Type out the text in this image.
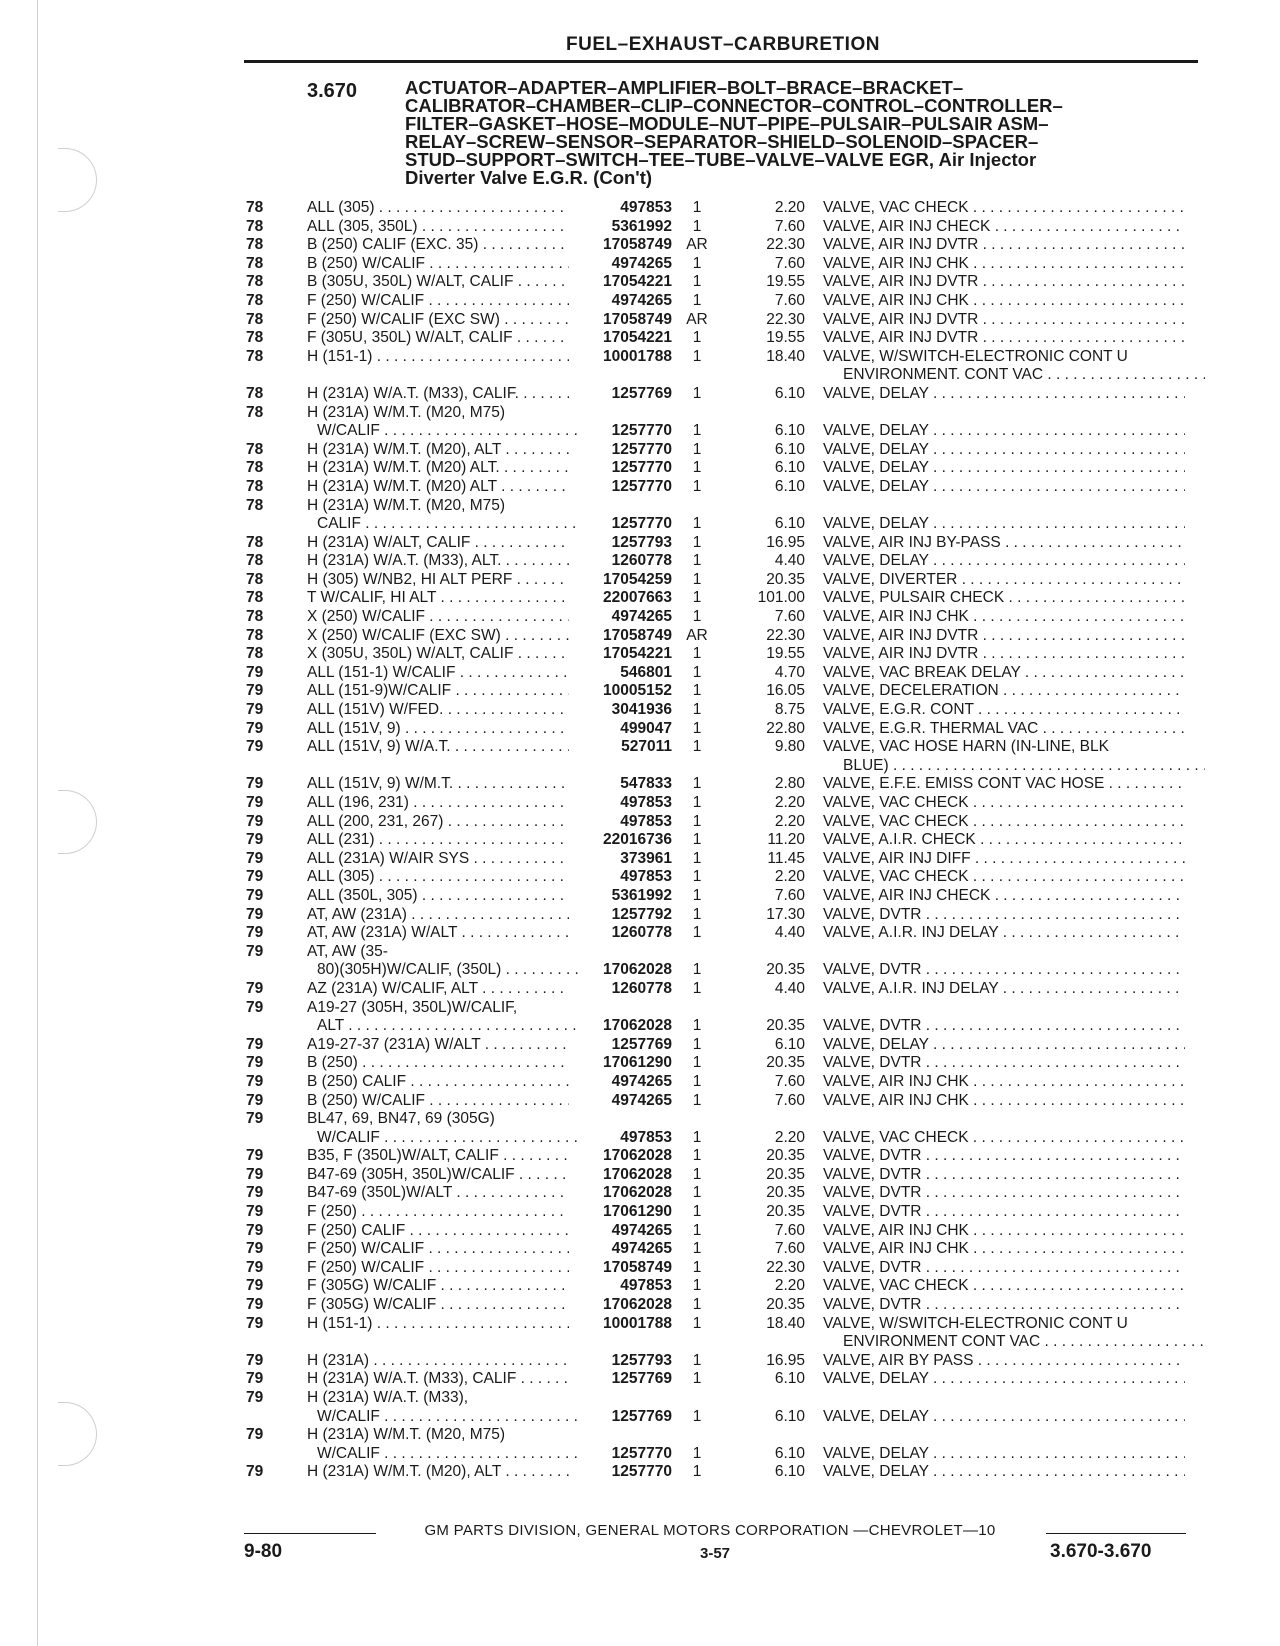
FUEL–EXHAUST–CARBURETION
3.670	ACTUATOR–ADAPTER–AMPLIFIER–BOLT–BRACE–BRACKET–
CALIBRATOR–CHAMBER–CLIP–CONNECTOR–CONTROL–CONTROLLER–
FILTER–GASKET–HOSE–MODULE–NUT–PIPE–PULSAIR–PULSAIR ASM–
RELAY–SCREW–SENSOR–SEPARATOR–SHIELD–SOLENOID–SPACER–
STUD–SUPPORT–SWITCH–TEE–TUBE–VALVE–VALVE EGR, Air Injector
Diverter Valve E.G.R. (Con't)
78	ALL (305) . . .	497853	1	2.20 VALVE, VAC CHECK . . .
78	ALL (305, 350L) . . .	5361992	1	7.60 VALVE, AIR INJ CHECK . . .
78	B (250) CALIF (EXC. 35) . . .	17058749 AR	22.30 VALVE, AIR INJ DVTR . . .
78	B (250) W/CALIF . . .	4974265	1	7.60 VALVE, AIR INJ CHK . . .
78	B (305U, 350L) W/ALT, CALIF . . .	17054221	1	19.55 VALVE, AIR INJ DVTR . . .
78	F (250) W/CALIF . . .	4974265	1	7.60 VALVE, AIR INJ CHK . . .
78	F (250) W/CALIF (EXC SW) . . .	17058749 AR	22.30 VALVE, AIR INJ DVTR . . .
78	F (305U, 350L) W/ALT, CALIF . . .	17054221	1	19.55 VALVE, AIR INJ DVTR . . .
78	H (151-1) . . .	10001788	1	18.40 VALVE, W/SWITCH-ELECTRONIC CONT U
ENVIRONMENT. CONT VAC . . .
78	H (231A) W/A.T. (M33), CALIF. . . .	1257769	1	6.10 VALVE, DELAY . . .
78	H (231A) W/M.T. (M20, M75)
W/CALIF . . .	1257770	1	6.10 VALVE, DELAY . . .
78	H (231A) W/M.T. (M20), ALT . . .	1257770	1	6.10 VALVE, DELAY . . .
78	H (231A) W/M.T. (M20) ALT. . . .	1257770	1	6.10 VALVE, DELAY . . .
78	H (231A) W/M.T. (M20) ALT . . .	1257770	1	6.10 VALVE, DELAY . . .
78	H (231A) W/M.T. (M20, M75)
CALIF . . .	1257770	1	6.10 VALVE, DELAY . . .
78	H (231A) W/ALT, CALIF . . .	1257793	1	16.95 VALVE, AIR INJ BY-PASS . . .
78	H (231A) W/A.T. (M33), ALT. . . .	1260778	1	4.40 VALVE, DELAY . . .
78	H (305) W/NB2, HI ALT PERF . . .	17054259	1	20.35 VALVE, DIVERTER . . .
78	T W/CALIF, HI ALT . . .	22007663	1	101.00 VALVE, PULSAIR CHECK . . .
78	X (250) W/CALIF . . .	4974265	1	7.60 VALVE, AIR INJ CHK . . .
78	X (250) W/CALIF (EXC SW) . . .	17058749 AR	22.30 VALVE, AIR INJ DVTR . . .
78	X (305U, 350L) W/ALT, CALIF . . .	17054221	1	19.55 VALVE, AIR INJ DVTR . . .
79	ALL (151-1) W/CALIF . . .	546801	1	4.70 VALVE, VAC BREAK DELAY . . .
79	ALL (151-9)W/CALIF . . .	10005152	1	16.05 VALVE, DECELERATION . . .
79	ALL (151V) W/FED. . . .	3041936	1	8.75 VALVE, E.G.R. CONT . . .
79	ALL (151V, 9) . . .	499047	1	22.80 VALVE, E.G.R. THERMAL VAC . . .
79	ALL (151V, 9) W/A.T. . . .	527011	1	9.80 VALVE, VAC HOSE HARN (IN-LINE, BLK
BLUE) . . .
79	ALL (151V, 9) W/M.T. . . .	547833	1	2.80 VALVE, E.F.E. EMISS CONT VAC HOSE . . .
79	ALL (196, 231) . . .	497853	1	2.20 VALVE, VAC CHECK . . .
79	ALL (200, 231, 267) . . .	497853	1	2.20 VALVE, VAC CHECK . . .
79	ALL (231) . . .	22016736	1	11.20 VALVE, A.I.R. CHECK . . .
79	ALL (231A) W/AIR SYS . . .	373961	1	11.45 VALVE, AIR INJ DIFF . . .
79	ALL (305) . . .	497853	1	2.20 VALVE, VAC CHECK . . .
79	ALL (350L, 305) . . .	5361992	1	7.60 VALVE, AIR INJ CHECK . . .
79	AT, AW (231A) . . .	1257792	1	17.30 VALVE, DVTR . . .
79	AT, AW (231A) W/ALT . . .	1260778	1	4.40 VALVE, A.I.R. INJ DELAY . . .
79	AT, AW (35-
80)(305H)W/CALIF, (350L) . . .	17062028	1	20.35 VALVE, DVTR . . .
79	AZ (231A) W/CALIF, ALT . . .	1260778	1	4.40 VALVE, A.I.R. INJ DELAY . . .
79	A19-27 (305H, 350L)W/CALIF,
ALT . . .	17062028	1	20.35 VALVE, DVTR . . .
79	A19-27-37 (231A) W/ALT . . .	1257769	1	6.10 VALVE, DELAY . . .
79	B (250) . . .	17061290	1	20.35 VALVE, DVTR . . .
79	B (250) CALIF . . .	4974265	1	7.60 VALVE, AIR INJ CHK . . .
79	B (250) W/CALIF . . .	4974265	1	7.60 VALVE, AIR INJ CHK . . .
79	BL47, 69, BN47, 69 (305G)
W/CALIF . . .	497853	1	2.20 VALVE, VAC CHECK . . .
79	B35, F (350L)W/ALT, CALIF . . .	17062028	1	20.35 VALVE, DVTR . . .
79	B47-69 (305H, 350L)W/CALIF . . .	17062028	1	20.35 VALVE, DVTR . . .
79	B47-69 (350L)W/ALT . . .	17062028	1	20.35 VALVE, DVTR . . .
79	F (250) . . .	17061290	1	20.35 VALVE, DVTR . . .
79	F (250) CALIF . . .	4974265	1	7.60 VALVE, AIR INJ CHK . . .
79	F (250) W/CALIF . . .	4974265	1	7.60 VALVE, AIR INJ CHK . . .
79	F (250) W/CALIF . . .	17058749	1	22.30 VALVE, DVTR . . .
79	F (305G) W/CALIF . . .	497853	1	2.20 VALVE, VAC CHECK . . .
79	F (305G) W/CALIF . . .	17062028	1	20.35 VALVE, DVTR . . .
79	H (151-1) . . .	10001788	1	18.40 VALVE, W/SWITCH-ELECTRONIC CONT U
ENVIRONMENT CONT VAC . . .
79	H (231A) . . .	1257793	1	16.95 VALVE, AIR BY PASS . . .
79	H (231A) W/A.T. (M33), CALIF . . .	1257769	1	6.10 VALVE, DELAY . . .
79	H (231A) W/A.T. (M33),
W/CALIF . . .	1257769	1	6.10 VALVE, DELAY . . .
79	H (231A) W/M.T. (M20, M75)
W/CALIF . . .	1257770	1	6.10 VALVE, DELAY . . .
79	H (231A) W/M.T. (M20), ALT . . .	1257770	1	6.10 VALVE, DELAY . . .
GM PARTS DIVISION, GENERAL MOTORS CORPORATION —CHEVROLET—10
9-80	3-57	3.670-3.670
